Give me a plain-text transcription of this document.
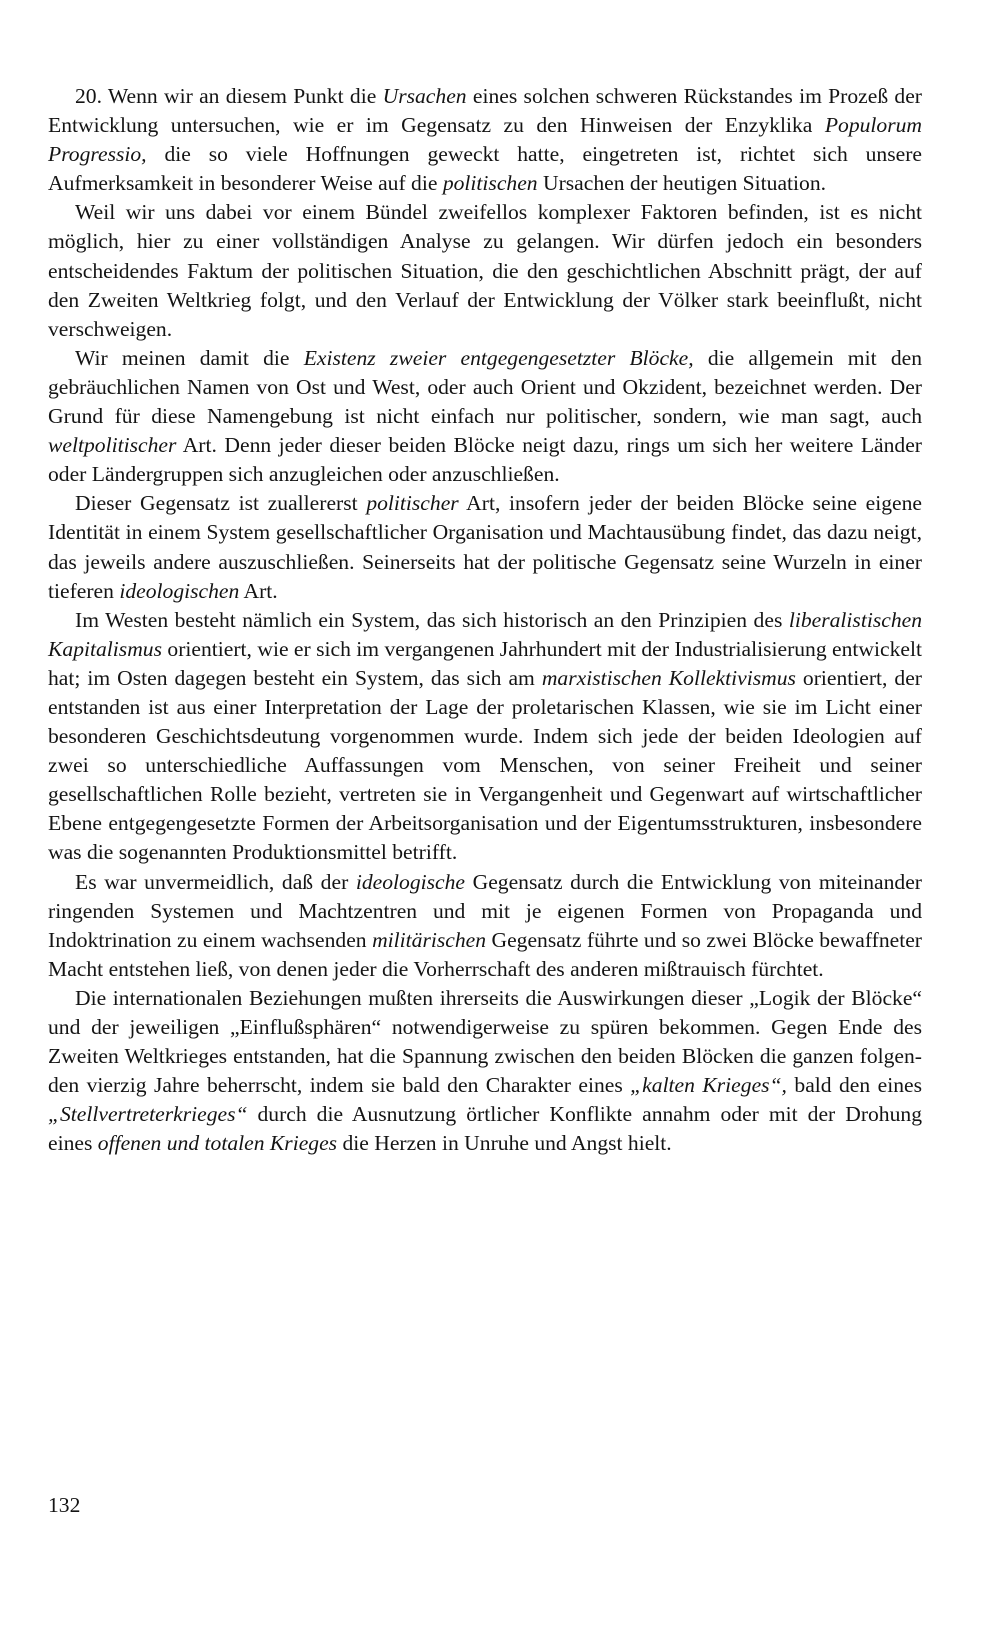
20. Wenn wir an diesem Punkt die Ursachen eines solchen schweren Rückstandes im Prozeß der Entwicklung untersuchen, wie er im Gegensatz zu den Hinweisen der Enzyklika Populorum Progressio, die so viele Hoffnungen geweckt hatte, eingetreten ist, richtet sich unsere Aufmerksamkeit in besonderer Weise auf die politischen Ursachen der heutigen Situation.

Weil wir uns dabei vor einem Bündel zweifellos komplexer Faktoren befinden, ist es nicht möglich, hier zu einer vollständigen Analyse zu gelangen. Wir dürfen jedoch ein besonders entscheidendes Faktum der politischen Situation, die den geschichtlichen Abschnitt prägt, der auf den Zweiten Weltkrieg folgt, und den Verlauf der Entwicklung der Völker stark beeinflußt, nicht verschweigen.

Wir meinen damit die Existenz zweier entgegengesetzter Blöcke, die allgemein mit den gebräuchlichen Namen von Ost und West, oder auch Orient und Okzident, bezeichnet werden. Der Grund für diese Namengebung ist nicht einfach nur politischer, sondern, wie man sagt, auch weltpolitischer Art. Denn jeder dieser beiden Blöcke neigt dazu, rings um sich her weitere Länder oder Ländergruppen sich anzugleichen oder anzuschließen.

Dieser Gegensatz ist zuallererst politischer Art, insofern jeder der beiden Blöcke seine eigene Identität in einem System gesellschaftlicher Organisation und Machtausübung findet, das dazu neigt, das jeweils andere auszuschließen. Seinerseits hat der politische Gegensatz seine Wurzeln in einer tieferen ideologischen Art.

Im Westen besteht nämlich ein System, das sich historisch an den Prinzipien des liberalistischen Kapitalismus orientiert, wie er sich im vergangenen Jahrhundert mit der Industrialisierung entwickelt hat; im Osten dagegen besteht ein System, das sich am marxistischen Kollektivismus orientiert, der entstanden ist aus einer Interpretation der Lage der proletarischen Klassen, wie sie im Licht einer besonderen Geschichtsdeutung vorgenommen wurde. Indem sich jede der beiden Ideologien auf zwei so unterschiedliche Auffassungen vom Menschen, von seiner Freiheit und seiner gesellschaftlichen Rolle bezieht, vertreten sie in Vergangenheit und Gegenwart auf wirtschaftlicher Ebene entgegengesetzte Formen der Arbeitsorganisation und der Eigentumsstrukturen, insbesondere was die sogenannten Produktionsmittel betrifft.

Es war unvermeidlich, daß der ideologische Gegensatz durch die Entwicklung von miteinander ringenden Systemen und Machtzentren und mit je eigenen Formen von Propaganda und Indoktrination zu einem wachsenden militärischen Gegensatz führte und so zwei Blöcke bewaffneter Macht entstehen ließ, von denen jeder die Vorherrschaft des anderen mißtrauisch fürchtet.

Die internationalen Beziehungen mußten ihrerseits die Auswirkungen dieser „Logik der Blöcke“ und der jeweiligen „Einflußsphären“ notwendigerweise zu spüren bekommen. Gegen Ende des Zweiten Weltkrieges entstanden, hat die Spannung zwischen den beiden Blöcken die ganzen folgenden vierzig Jahre beherrscht, indem sie bald den Charakter eines „kalten Krieges“, bald den eines „Stellvertreterkrieges“ durch die Ausnutzung örtlicher Konflikte annahm oder mit der Drohung eines offenen und totalen Krieges die Herzen in Unruhe und Angst hielt.

132
